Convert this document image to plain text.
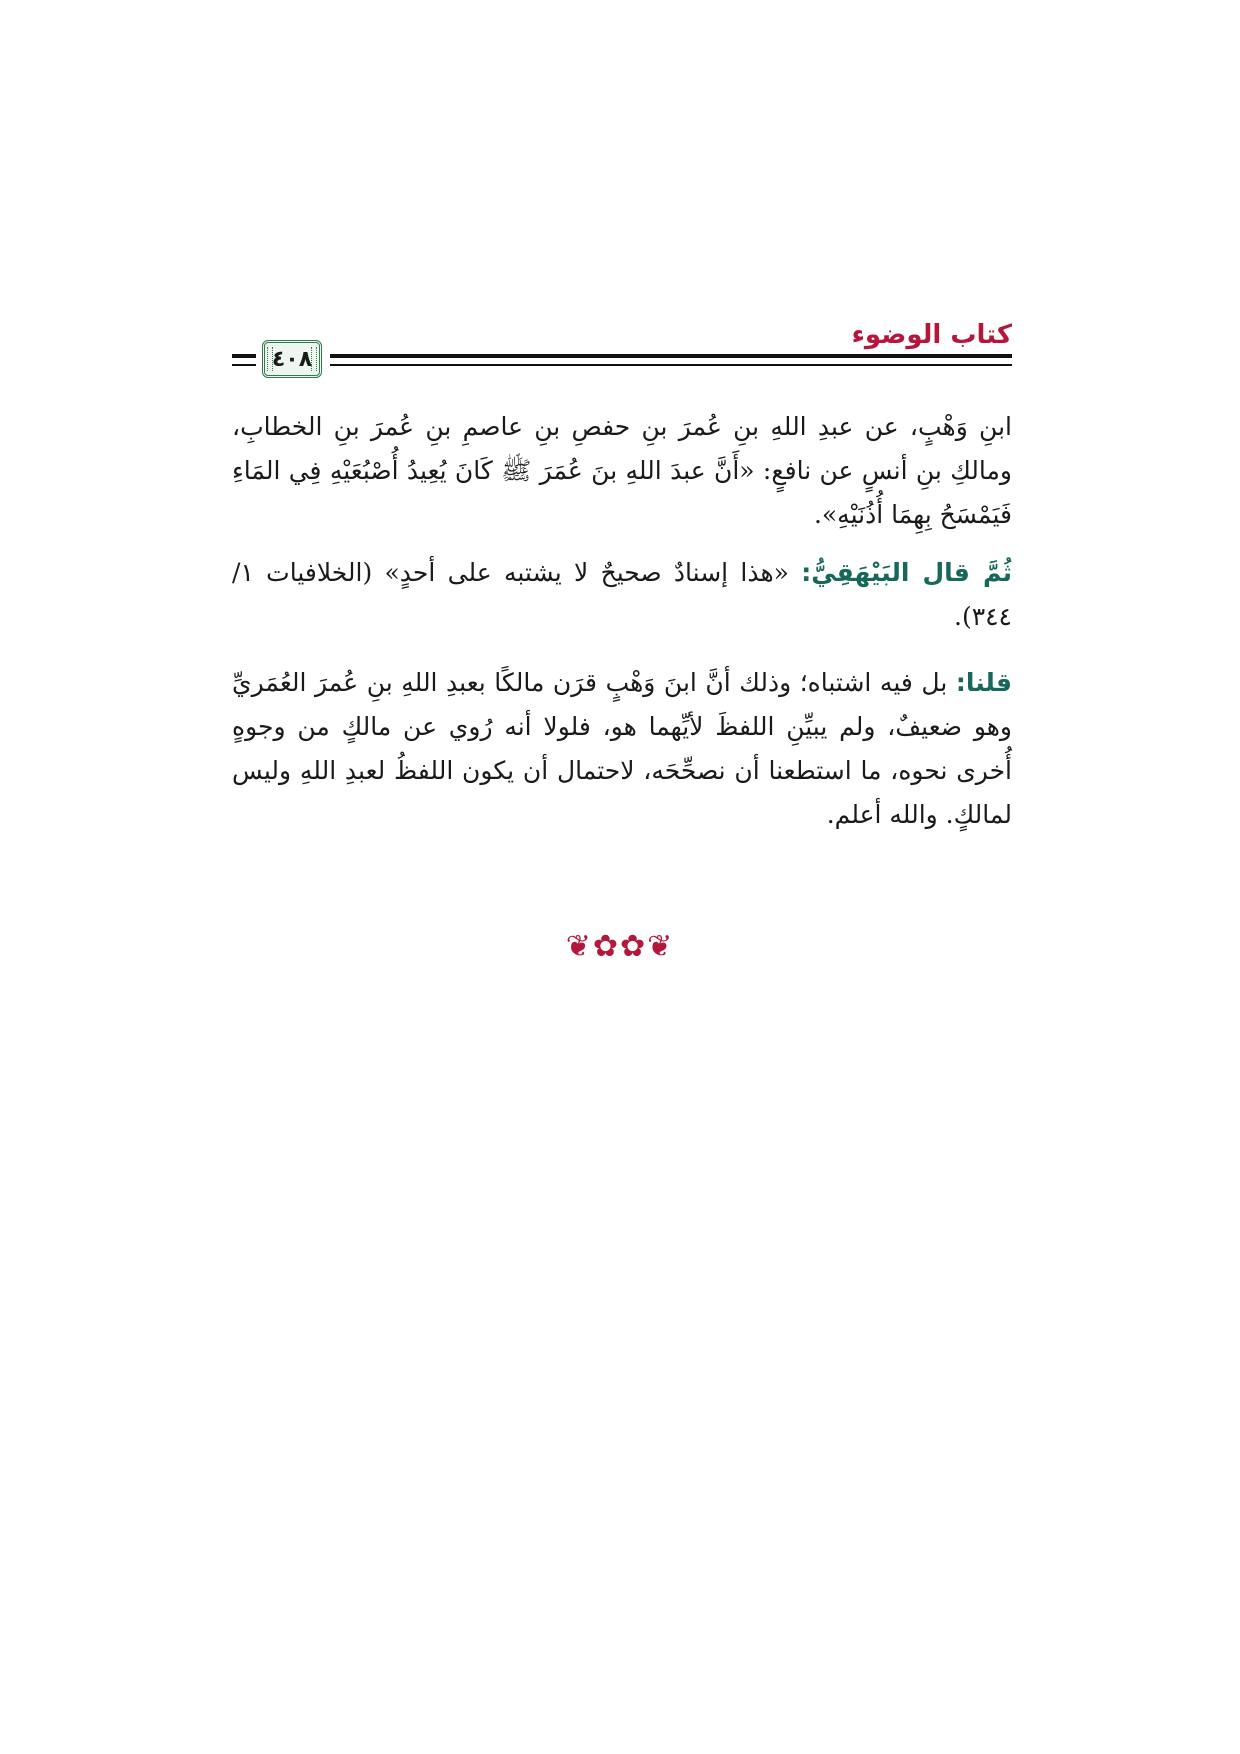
كتاب الوضوء
٤٠٨

ابنِ وَهْبٍ، عن عبدِ اللهِ بنِ عُمرَ بنِ حفصِ بنِ عاصمِ بنِ عُمرَ بنِ الخطابِ، ومالكِ بنِ أنسٍ عن نافعٍ: «أَنَّ عبدَ اللهِ بنَ عُمَرَ ﷺ كَانَ يُعِيدُ أُصْبُعَيْهِ فِي المَاءِ فَيَمْسَحُ بِهِمَا أُذُنَيْهِ».

ثُمَّ قال البَيْهَقِيُّ: «هذا إسنادٌ صحيحٌ لا يشتبه على أحدٍ» (الخلافيات ١/ ٣٤٤).

قلنا: بل فيه اشتباه؛ وذلك أنَّ ابنَ وَهْبٍ قرَن مالكًا بعبدِ اللهِ بنِ عُمرَ العُمَريِّ وهو ضعيفٌ، ولم يبيِّنِ اللفظَ لأيِّهما هو، فلولا أنه رُوي عن مالكٍ من وجوهٍ أُخرى نحوه، ما استطعنا أن نصحِّحَه، لاحتمال أن يكون اللفظُ لعبدِ اللهِ وليس لمالكٍ. والله أعلم.

❦✿✿❦
